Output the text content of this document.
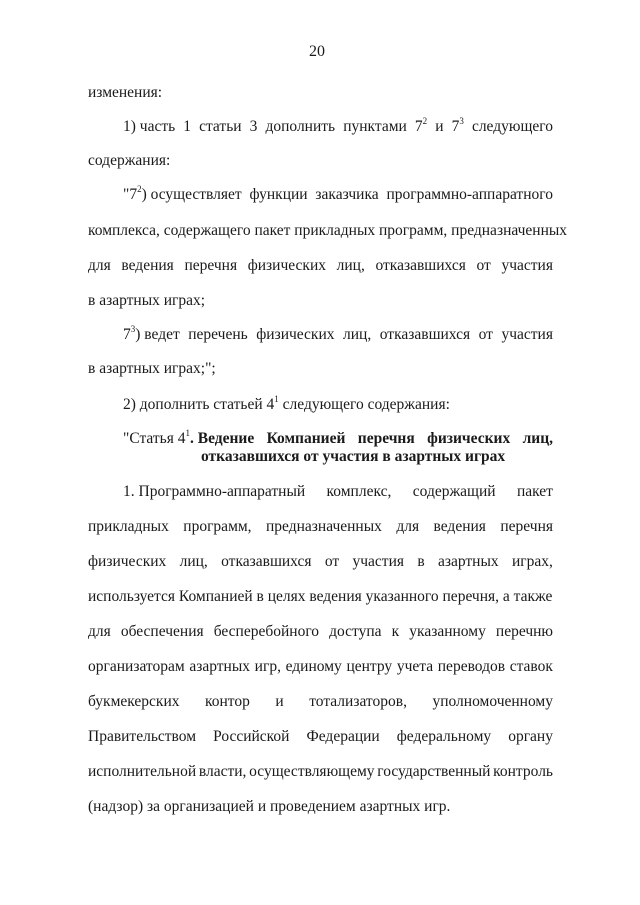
20
изменения:
1) часть 1 статьи 3 дополнить пунктами $7^2$ и $7^3$ следующего
содержания:
"$7^2$) осуществляет функции заказчика программно-аппаратного
комплекса, содержащего пакет прикладных программ, предназначенных
для ведения перечня физических лиц, отказавшихся от участия
в азартных играх;
$7^3$) ведет перечень физических лиц, отказавшихся от участия
в азартных играх;";
2) дополнить статьей $4^1$ следующего содержания:
"Статья $4^1$. Ведение Компанией перечня физических лиц,
отказавшихся от участия в азартных играх
1. Программно-аппаратный комплекс, содержащий пакет
прикладных программ, предназначенных для ведения перечня
физических лиц, отказавшихся от участия в азартных играх,
используется Компанией в целях ведения указанного перечня, а также
для обеспечения бесперебойного доступа к указанному перечню
организаторам азартных игр, единому центру учета переводов ставок
букмекерских контор и тотализаторов, уполномоченному
Правительством Российской Федерации федеральному органу
исполнительной власти, осуществляющему государственный контроль
(надзор) за организацией и проведением азартных игр.
